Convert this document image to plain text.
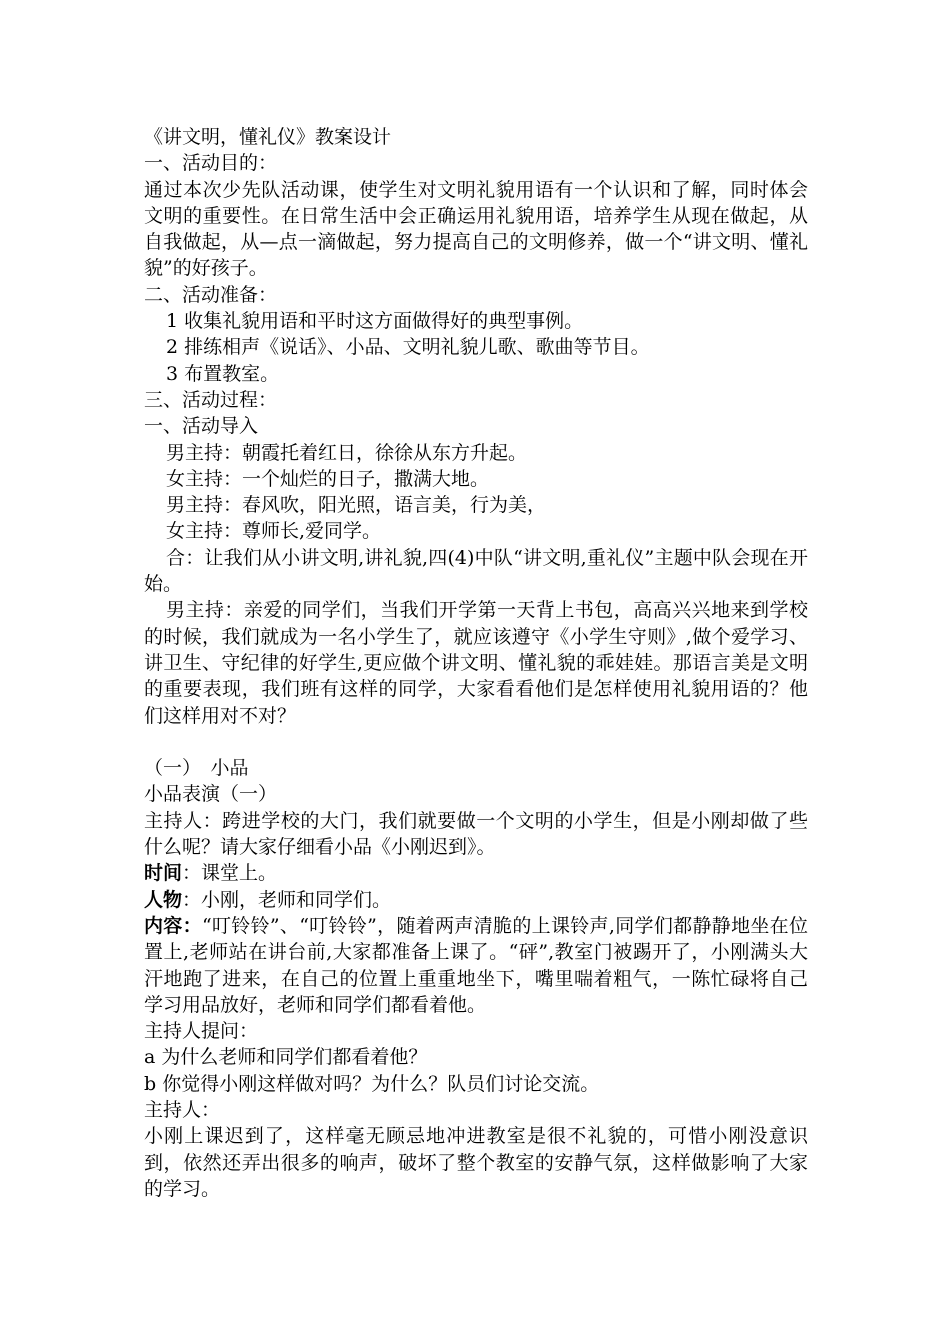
《讲文明，懂礼仪》教案设计

一、活动目的：

通过本次少先队活动课，使学生对文明礼貌用语有一个认识和了解，同时体会文明的重要性。在日常生活中会正确运用礼貌用语，培养学生从现在做起，从自我做起，从—点一滴做起，努力提高自己的文明修养，做一个“讲文明、懂礼貌”的好孩子。

二、活动准备：

1 收集礼貌用语和平时这方面做得好的典型事例。

2 排练相声《说话》、小品、文明礼貌儿歌、歌曲等节目。

3 布置教室。

三、活动过程：

一、活动导入

男主持：朝霞托着红日，徐徐从东方升起。

女主持：一个灿烂的日子，撒满大地。

男主持：春风吹，阳光照，语言美，行为美，

女主持：尊师长,爱同学。

合：让我们从小讲文明,讲礼貌,四(4)中队“讲文明,重礼仪”主题中队会现在开始。

男主持：亲爱的同学们，当我们开学第一天背上书包，高高兴兴地来到学校的时候，我们就成为一名小学生了，就应该遵守《小学生守则》,做个爱学习、讲卫生、守纪律的好学生,更应做个讲文明、懂礼貌的乖娃娃。那语言美是文明的重要表现，我们班有这样的同学，大家看看他们是怎样使用礼貌用语的？他们这样用对不对？

（一）　小品

小品表演（一）

主持人：跨进学校的大门，我们就要做一个文明的小学生，但是小刚却做了些什么呢？请大家仔细看小品《小刚迟到》。

时间：课堂上。

人物：小刚，老师和同学们。

内容：“叮铃铃”、“叮铃铃”，随着两声清脆的上课铃声,同学们都静静地坐在位置上,老师站在讲台前,大家都准备上课了。“砰”,教室门被踢开了，小刚满头大汗地跑了进来，在自己的位置上重重地坐下，嘴里喘着粗气，一陈忙碌将自己学习用品放好，老师和同学们都看着他。

主持人提问：

a 为什么老师和同学们都看着他？

b 你觉得小刚这样做对吗？为什么？队员们讨论交流。

主持人：

小刚上课迟到了，这样毫无顾忌地冲进教室是很不礼貌的，可惜小刚没意识到，依然还弄出很多的响声，破坏了整个教室的安静气氛，这样做影响了大家的学习。
